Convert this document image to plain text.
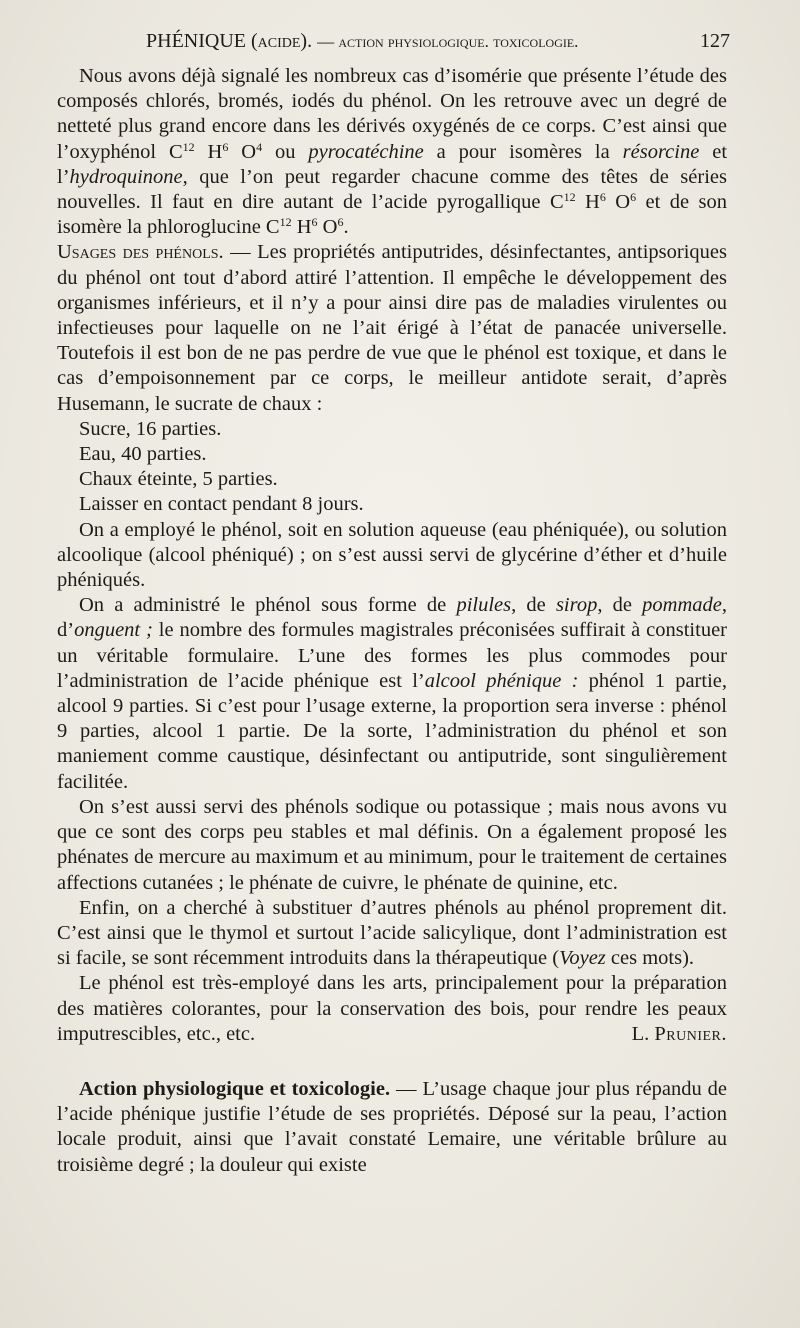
PHÉNIQUE (acide). — action physiologique. toxicologie.	127

Nous avons déjà signalé les nombreux cas d’isomérie que présente l’étude des composés chlorés, bromés, iodés du phénol. On les retrouve avec un degré de netteté plus grand encore dans les dérivés oxygénés de ce corps. C’est ainsi que l’oxyphénol $C^{12}$ $H^6$ $O^4$ ou pyrocatéchine a pour isomères la résorcine et l’hydroquinone, que l’on peut regarder chacune comme des têtes de séries nouvelles. Il faut en dire autant de l’acide pyrogallique $C^{12}$ $H^6$ $O^6$ et de son isomère la phloroglucine $C^{12}$ $H^6$ $O^6$.

Usages des phénols. — Les propriétés antiputrides, désinfectantes, antipsoriques du phénol ont tout d’abord attiré l’attention. Il empêche le développement des organismes inférieurs, et il n’y a pour ainsi dire pas de maladies virulentes ou infectieuses pour laquelle on ne l’ait érigé à l’état de panacée universelle. Toutefois il est bon de ne pas perdre de vue que le phénol est toxique, et dans le cas d’empoisonnement par ce corps, le meilleur antidote serait, d’après Husemann, le sucrate de chaux :

Sucre, 16 parties.
Eau, 40 parties.
Chaux éteinte, 5 parties.
Laisser en contact pendant 8 jours.

On a employé le phénol, soit en solution aqueuse (eau phéniquée), ou solution alcoolique (alcool phéniqué) ; on s’est aussi servi de glycérine d’éther et d’huile phéniqués.

On a administré le phénol sous forme de pilules, de sirop, de pommade, d’onguent ; le nombre des formules magistrales préconisées suffirait à constituer un véritable formulaire. L’une des formes les plus commodes pour l’administration de l’acide phénique est l’alcool phénique : phénol 1 partie, alcool 9 parties. Si c’est pour l’usage externe, la proportion sera inverse : phénol 9 parties, alcool 1 partie. De la sorte, l’administration du phénol et son maniement comme caustique, désinfectant ou antiputride, sont singulièrement facilitée.

On s’est aussi servi des phénols sodique ou potassique ; mais nous avons vu que ce sont des corps peu stables et mal définis. On a également proposé les phénates de mercure au maximum et au minimum, pour le traitement de certaines affections cutanées ; le phénate de cuivre, le phénate de quinine, etc.

Enfin, on a cherché à substituer d’autres phénols au phénol proprement dit. C’est ainsi que le thymol et surtout l’acide salicylique, dont l’administration est si facile, se sont récemment introduits dans la thérapeutique (Voyez ces mots).

Le phénol est très-employé dans les arts, principalement pour la préparation des matières colorantes, pour la conservation des bois, pour rendre les peaux imputrescibles, etc., etc.	L. Prunier.

Action physiologique et toxicologie. — L’usage chaque jour plus répandu de l’acide phénique justifie l’étude de ses propriétés. Déposé sur la peau, l’action locale produit, ainsi que l’avait constaté Lemaire, une véritable brûlure au troisième degré ; la douleur qui existe
